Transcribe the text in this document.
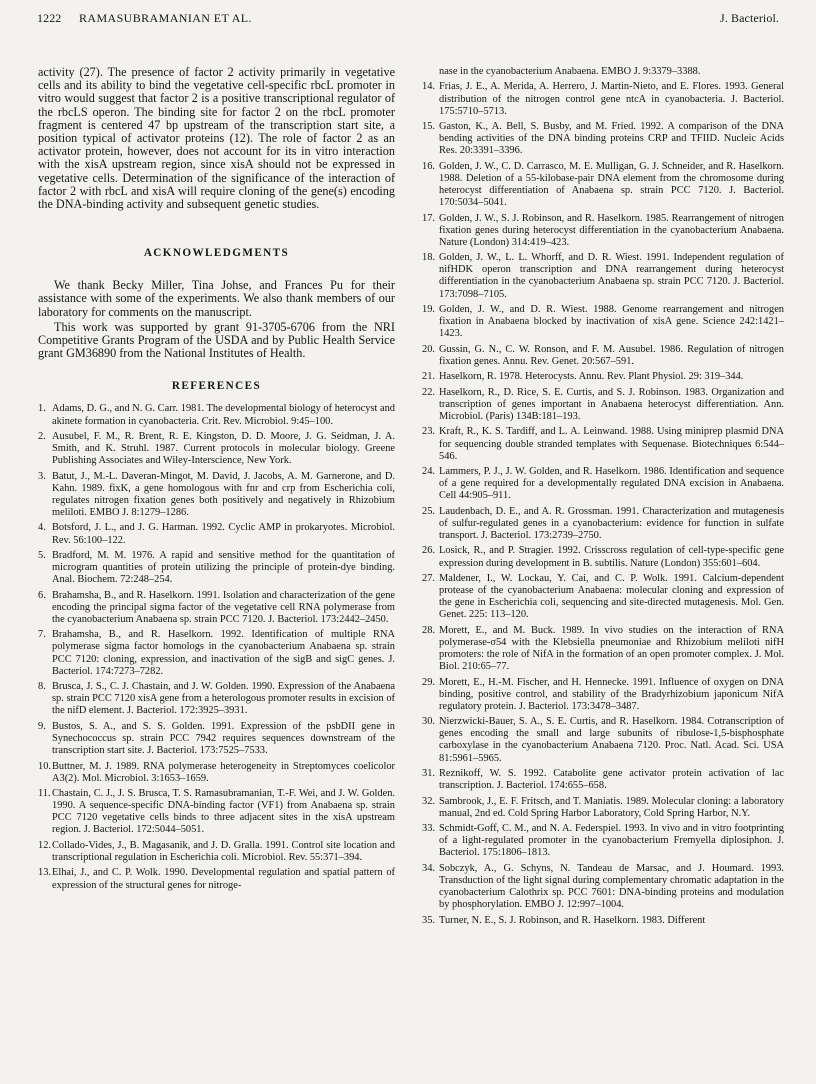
1222 RAMASUBRAMANIAN ET AL.	J. Bacteriol.

activity (27). The presence of factor 2 activity primarily in vegetative cells and its ability to bind the vegetative cell-specific rbcL promoter in vitro would suggest that factor 2 is a positive transcriptional regulator of the rbcLS operon. The binding site for factor 2 on the rbcL promoter fragment is centered 47 bp upstream of the transcription start site, a position typical of activator proteins (12). The role of factor 2 as an activator protein, however, does not account for its in vitro interaction with the xisA upstream region, since xisA should not be expressed in vegetative cells. Determination of the significance of the interaction of factor 2 with rbcL and xisA will require cloning of the gene(s) encoding the DNA-binding activity and subsequent genetic studies.

ACKNOWLEDGMENTS

We thank Becky Miller, Tina Johse, and Frances Pu for their assistance with some of the experiments. We also thank members of our laboratory for comments on the manuscript.

This work was supported by grant 91-3705-6706 from the NRI Competitive Grants Program of the USDA and by Public Health Service grant GM36890 from the National Institutes of Health.

REFERENCES
1. Adams, D. G., and N. G. Carr. 1981. The developmental biology of heterocyst and akinete formation in cyanobacteria. Crit. Rev. Microbiol. 9:45–100.
2. Ausubel, F. M., R. Brent, R. E. Kingston, D. D. Moore, J. G. Seidman, J. A. Smith, and K. Struhl. 1987. Current protocols in molecular biology. Greene Publishing Associates and Wiley-Interscience, New York.
3. Batut, J., M.-L. Daveran-Mingot, M. David, J. Jacobs, A. M. Garnerone, and D. Kahn. 1989. fixK, a gene homologous with fnr and crp from Escherichia coli, regulates nitrogen fixation genes both positively and negatively in Rhizobium meliloti. EMBO J. 8:1279–1286.
4. Botsford, J. L., and J. G. Harman. 1992. Cyclic AMP in prokaryotes. Microbiol. Rev. 56:100–122.
5. Bradford, M. M. 1976. A rapid and sensitive method for the quantitation of microgram quantities of protein utilizing the principle of protein-dye binding. Anal. Biochem. 72:248–254.
6. Brahamsha, B., and R. Haselkorn. 1991. Isolation and characterization of the gene encoding the principal sigma factor of the vegetative cell RNA polymerase from the cyanobacterium Anabaena sp. strain PCC 7120. J. Bacteriol. 173:2442–2450.
7. Brahamsha, B., and R. Haselkorn. 1992. Identification of multiple RNA polymerase sigma factor homologs in the cyanobacterium Anabaena sp. strain PCC 7120: cloning, expression, and inactivation of the sigB and sigC genes. J. Bacteriol. 174:7273–7282.
8. Brusca, J. S., C. J. Chastain, and J. W. Golden. 1990. Expression of the Anabaena sp. strain PCC 7120 xisA gene from a heterologous promoter results in excision of the nifD element. J. Bacteriol. 172:3925–3931.
9. Bustos, S. A., and S. S. Golden. 1991. Expression of the psbDII gene in Synechococcus sp. strain PCC 7942 requires sequences downstream of the transcription start site. J. Bacteriol. 173:7525–7533.
10.Buttner, M. J. 1989. RNA polymerase heterogeneity in Streptomyces coelicolor A3(2). Mol. Microbiol. 3:1653–1659.
11.Chastain, C. J., J. S. Brusca, T. S. Ramasubramanian, T.-F. Wei, and J. W. Golden. 1990. A sequence-specific DNA-binding factor (VF1) from Anabaena sp. strain PCC 7120 vegetative cells binds to three adjacent sites in the xisA upstream region. J. Bacteriol. 172:5044–5051.
12.Collado-Vides, J., B. Magasanik, and J. D. Gralla. 1991. Control site location and transcriptional regulation in Escherichia coli. Microbiol. Rev. 55:371–394.
13.Elhai, J., and C. P. Wolk. 1990. Developmental regulation and spatial pattern of expression of the structural genes for nitroge-
nase in the cyanobacterium Anabaena. EMBO J. 9:3379–3388.
14. Frias, J. E., A. Merida, A. Herrero, J. Martin-Nieto, and E. Flores. 1993. General distribution of the nitrogen control gene ntcA in cyanobacteria. J. Bacteriol. 175:5710–5713.
15. Gaston, K., A. Bell, S. Busby, and M. Fried. 1992. A comparison of the DNA bending activities of the DNA binding proteins CRP and TFIID. Nucleic Acids Res. 20:3391–3396.
16. Golden, J. W., C. D. Carrasco, M. E. Mulligan, G. J. Schneider, and R. Haselkorn. 1988. Deletion of a 55-kilobase-pair DNA element from the chromosome during heterocyst differentiation of Anabaena sp. strain PCC 7120. J. Bacteriol. 170:5034–5041.
17. Golden, J. W., S. J. Robinson, and R. Haselkorn. 1985. Rearrangement of nitrogen fixation genes during heterocyst differentiation in the cyanobacterium Anabaena. Nature (London) 314:419–423.
18. Golden, J. W., L. L. Whorff, and D. R. Wiest. 1991. Independent regulation of nifHDK operon transcription and DNA rearrangement during heterocyst differentiation in the cyanobacterium Anabaena sp. strain PCC 7120. J. Bacteriol. 173:7098–7105.
19. Golden, J. W., and D. R. Wiest. 1988. Genome rearrangement and nitrogen fixation in Anabaena blocked by inactivation of xisA gene. Science 242:1421–1423.
20. Gussin, G. N., C. W. Ronson, and F. M. Ausubel. 1986. Regulation of nitrogen fixation genes. Annu. Rev. Genet. 20:567–591.
21. Haselkorn, R. 1978. Heterocysts. Annu. Rev. Plant Physiol. 29: 319–344.
22. Haselkorn, R., D. Rice, S. E. Curtis, and S. J. Robinson. 1983. Organization and transcription of genes important in Anabaena heterocyst differentiation. Ann. Microbiol. (Paris) 134B:181–193.
23. Kraft, R., K. S. Tardiff, and L. A. Leinwand. 1988. Using miniprep plasmid DNA for sequencing double stranded templates with Sequenase. Biotechniques 6:544–546.
24. Lammers, P. J., J. W. Golden, and R. Haselkorn. 1986. Identification and sequence of a gene required for a developmentally regulated DNA excision in Anabaena. Cell 44:905–911.
25. Laudenbach, D. E., and A. R. Grossman. 1991. Characterization and mutagenesis of sulfur-regulated genes in a cyanobacterium: evidence for function in sulfate transport. J. Bacteriol. 173:2739–2750.
26. Losick, R., and P. Stragier. 1992. Crisscross regulation of cell-type-specific gene expression during development in B. subtilis. Nature (London) 355:601–604.
27. Maldener, I., W. Lockau, Y. Cai, and C. P. Wolk. 1991. Calcium-dependent protease of the cyanobacterium Anabaena: molecular cloning and expression of the gene in Escherichia coli, sequencing and site-directed mutagenesis. Mol. Gen. Genet. 225: 113–120.
28. Morett, E., and M. Buck. 1989. In vivo studies on the interaction of RNA polymerase-σ54 with the Klebsiella pneumoniae and Rhizobium meliloti nifH promoters: the role of NifA in the formation of an open promoter complex. J. Mol. Biol. 210:65–77.
29. Morett, E., H.-M. Fischer, and H. Hennecke. 1991. Influence of oxygen on DNA binding, positive control, and stability of the Bradyrhizobium japonicum NifA regulatory protein. J. Bacteriol. 173:3478–3487.
30. Nierzwicki-Bauer, S. A., S. E. Curtis, and R. Haselkorn. 1984. Cotranscription of genes encoding the small and large subunits of ribulose-1,5-bisphosphate carboxylase in the cyanobacterium Anabaena 7120. Proc. Natl. Acad. Sci. USA 81:5961–5965.
31. Reznikoff, W. S. 1992. Catabolite gene activator protein activation of lac transcription. J. Bacteriol. 174:655–658.
32. Sambrook, J., E. F. Fritsch, and T. Maniatis. 1989. Molecular cloning: a laboratory manual, 2nd ed. Cold Spring Harbor Laboratory, Cold Spring Harbor, N.Y.
33. Schmidt-Goff, C. M., and N. A. Federspiel. 1993. In vivo and in vitro footprinting of a light-regulated promoter in the cyanobacterium Fremyella diplosiphon. J. Bacteriol. 175:1806–1813.
34. Sobczyk, A., G. Schyns, N. Tandeau de Marsac, and J. Houmard. 1993. Transduction of the light signal during complementary chromatic adaptation in the cyanobacterium Calothrix sp. PCC 7601: DNA-binding proteins and modulation by phosphorylation. EMBO J. 12:997–1004.
35. Turner, N. E., S. J. Robinson, and R. Haselkorn. 1983. Different
